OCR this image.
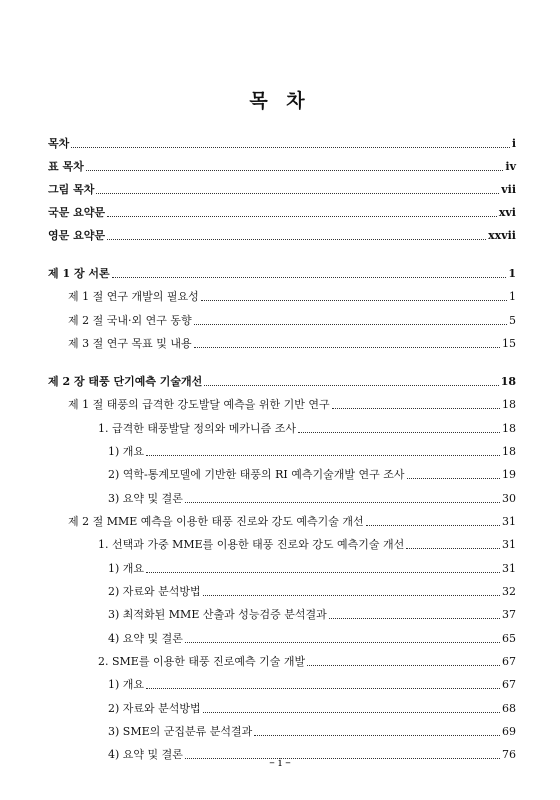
목 차
목차	i
표 목차	iv
그림 목차	vii
국문 요약문	xvi
영문 요약문	xxvii
제 1 장 서론	1
제 1 절 연구 개발의 필요성	1
제 2 절 국내·외 연구 동향	5
제 3 절 연구 목표 및 내용	15
제 2 장 태풍 단기예측 기술개선	18
제 1 절 태풍의 급격한 강도발달 예측을 위한 기반 연구	18
1. 급격한 태풍발달 정의와 메카니즘 조사	18
1) 개요	18
2) 역학-통계모델에 기반한 태풍의 RI 예측기술개발 연구 조사	19
3) 요약 및 결론	30
제 2 절 MME 예측을 이용한 태풍 진로와 강도 예측기술 개선	31
1. 선택과 가중 MME를 이용한 태풍 진로와 강도 예측기술 개선	31
1) 개요	31
2) 자료와 분석방법	32
3) 최적화된 MME 산출과 성능검증 분석결과	37
4) 요약 및 결론	65
2. SME를 이용한 태풍 진로예측 기술 개발	67
1) 개요	67
2) 자료와 분석방법	68
3) SME의 군집분류 분석결과	69
4) 요약 및 결론	76
– i –
